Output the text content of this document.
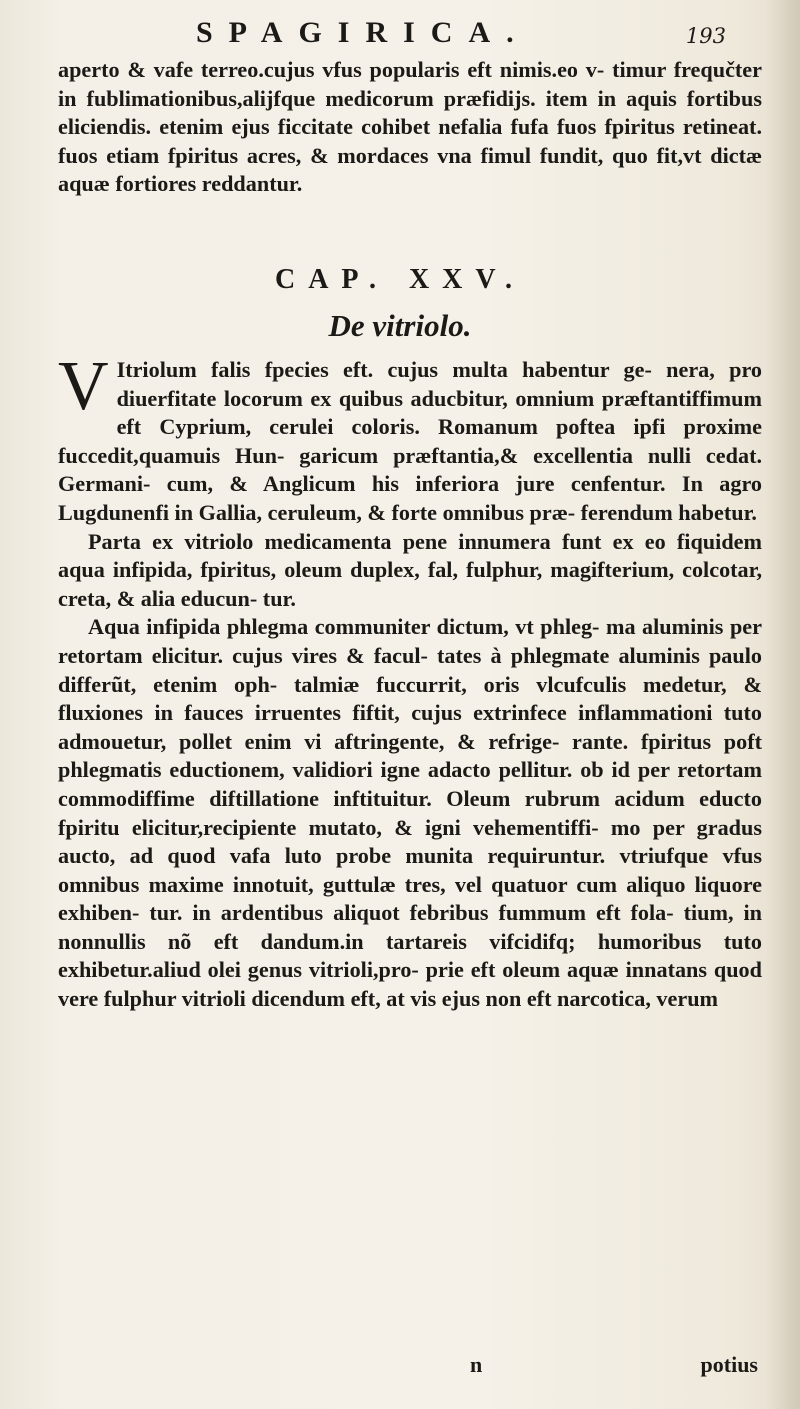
SPAGIRICA.	193

aperto & vafe terreo.cujus vfus popularis eft nimis.eo v- timur frequčter in fublimationibus,alijfque medicorum præfidijs. item in aquis fortibus eliciendis. etenim ejus ficcitate cohibet nefalia fufa fuos fpiritus retineat. fuos etiam fpiritus acres, & mordaces vna fimul fundit, quo fit,vt dictæ aquæ fortiores reddantur.

CAP. XXV.
De vitriolo.

V Itriolum falis fpecies eft. cujus multa habentur ge- nera, pro diuerfitate locorum ex quibus aducbitur, omnium præftantiffimum eft Cyprium, cerulei coloris. Romanum poftea ipfi proxime fuccedit,quamuis Hun- garicum præftantia,& excellentia nulli cedat. Germani- cum, & Anglicum his inferiora jure cenfentur. In agro Lugdunenfi in Gallia, ceruleum, & forte omnibus præ- ferendum habetur.

Parta ex vitriolo medicamenta pene innumera funt ex eo fiquidem aqua infipida, fpiritus, oleum duplex, fal, fulphur, magifterium, colcotar, creta, & alia educun- tur.

Aqua infipida phlegma communiter dictum, vt phleg- ma aluminis per retortam elicitur. cujus vires & facul- tates à phlegmate aluminis paulo differũt, etenim oph- talmiæ fuccurrit, oris vlcufculis medetur, & fluxiones in fauces irruentes fiftit, cujus extrinfece inflammationi tuto admouetur, pollet enim vi aftringente, & refrige- rante. fpiritus poft phlegmatis eductionem, validiori igne adacto pellitur. ob id per retortam commodiffime diftillatione inftituitur. Oleum rubrum acidum educto fpiritu elicitur,recipiente mutato, & igni vehementiffi- mo per gradus aucto, ad quod vafa luto probe munita requiruntur. vtriufque vfus omnibus maxime innotuit, guttulæ tres, vel quatuor cum aliquo liquore exhiben- tur. in ardentibus aliquot febribus fummum eft fola- tium, in nonnullis nõ eft dandum.in tartareis vifcidifq; humoribus tuto exhibetur.aliud olei genus vitrioli,pro- prie eft oleum aquæ innatans quod vere fulphur vitrioli dicendum eft, at vis ejus non eft narcotica, verum

n	potius
